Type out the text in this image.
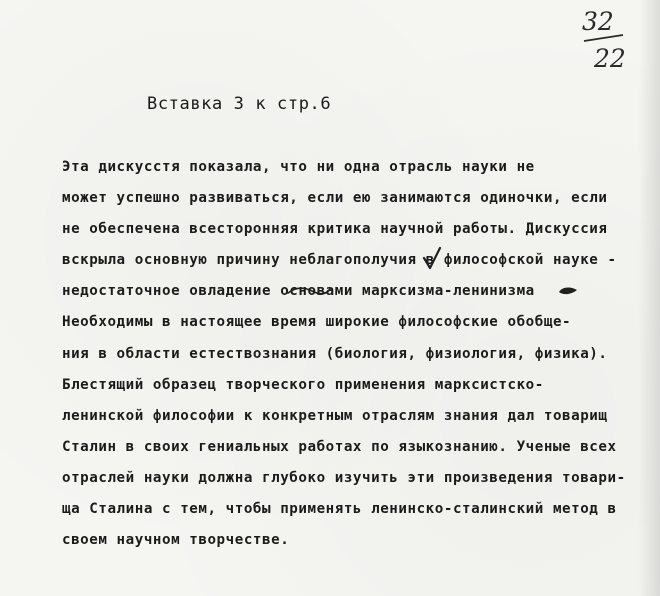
32
22
Вставка 3 к стр.6
Эта дискусстя показала, что ни одна отрасль науки не
может успешно развиваться, если ею занимаются одиночки, если
не обеспечена всесторонняя критика научной работы. Дискуссия
вскрыла основную причину неблагополучия в философской науке -
недостаточное овладение основами марксизма-ленинизма
Необходимы в настоящее время широкие философские обобще-
ния в области естествознания (биология, физиология, физика).
Блестящий образец творческого применения марксистско-
ленинской философии к конкретным отраслям знания дал товарищ
Сталин в своих гениальных работах по языкознанию. Ученые всех
отраслей науки должна глубоко изучить эти произведения товари-
ща Сталина с тем, чтобы применять ленинско-сталинский метод в
своем научном творчестве.
